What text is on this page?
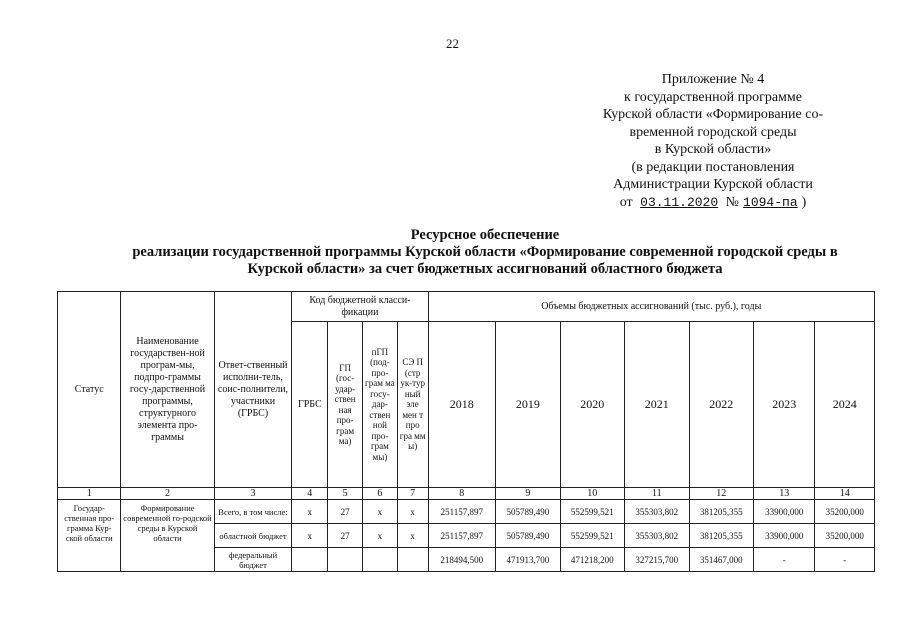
22
Приложение № 4
к государственной программе
Курской области «Формирование со-
временной городской среды
в Курской области»
(в редакции постановления
Администрации Курской области
от 03.11.2020 № 1094-па )
Ресурсное обеспечение
реализации государственной программы Курской области «Формирование современной городской среды в
Курской области» за счет бюджетных ассигнований областного бюджета
Статус	Наименование государствен-ной програм-мы, подпро-граммы госу-дарственной программы, структурного элемента про-граммы	Ответ-ственный исполни-тель, соис-полнители, участники (ГРБС)	Код бюджетной класси-фикации				Объемы бюджетных ассигнований (тыс. руб.), годы						
			ГРБС	ГП (гос-удар-ствен ная про-грам ма)	пГП (под-про-грам ма госу-дар-ствен ной про-грам мы)	СЭ П (стр ук-тур ный эле мен т про гра мм ы)	2018	2019	2020	2021	2022	2023	2024
1	2	3	4	5	6	7	8	9	10	11	12	13	14
Государ-ственная про-грамма Кур-ской области	Формирование современной го-родской среды в Курской области	Всего, в том числе:	х	27	х	х	251157,897	505789,490	552599,521	355303,802	381205,355	33900,000	35200,000
		областной бюджет	х	27	х	х	251157,897	505789,490	552599,521	355303,802	381205,355	33900,000	35200,000
		федеральный бюджет					218494,500	471913,700	471218,200	327215,700	351467,000	-	-
